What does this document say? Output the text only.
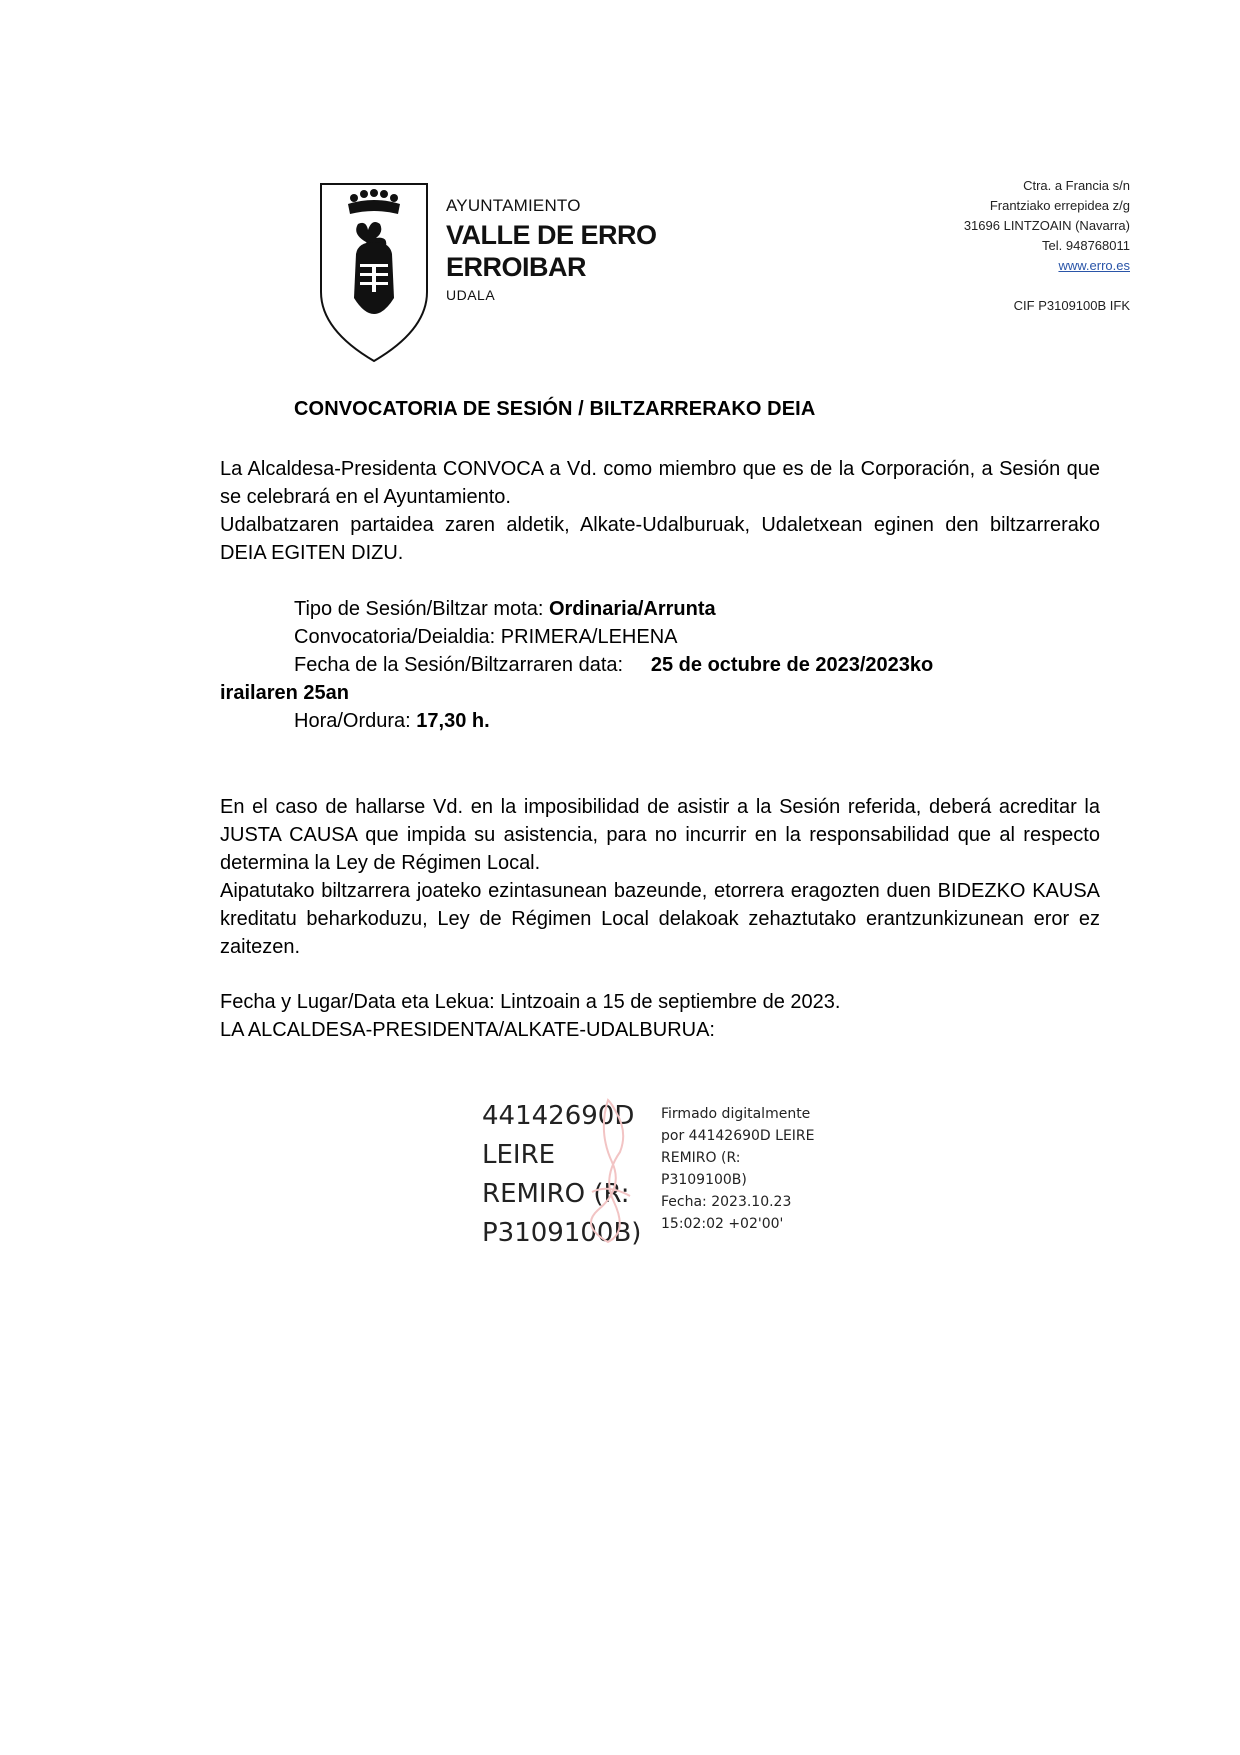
AYUNTAMIENTO
VALLE DE ERRO
ERROIBAR
UDALA
Ctra. a Francia s/n
Frantziako errepidea z/g
31696 LINTZOAIN (Navarra)
Tel. 948768011
www.erro.es
CIF P3109100B IFK
CONVOCATORIA DE SESIÓN / BILTZARRERAKO DEIA

La Alcaldesa-Presidenta CONVOCA a Vd. como miembro que es de la Corporación, a Sesión que se celebrará en el Ayuntamiento.

Udalbatzaren partaidea zaren aldetik, Alkate-Udalburuak, Udaletxean eginen den biltzarrerako DEIA EGITEN DIZU.

Tipo de Sesión/Biltzar mota: Ordinaria/Arrunta

Convocatoria/Deialdia: PRIMERA/LEHENA

Fecha de la Sesión/Biltzarraren data: 25 de octubre de 2023/2023ko

irailaren 25an

Hora/Ordura: 17,30 h.

En el caso de hallarse Vd. en la imposibilidad de asistir a la Sesión referida, deberá acreditar la JUSTA CAUSA que impida su asistencia, para no incurrir en la responsabilidad que al respecto determina la Ley de Régimen Local.

Aipatutako biltzarrera joateko ezintasunean bazeunde, etorrera eragozten duen BIDEZKO KAUSA kreditatu beharkoduzu, Ley de Régimen Local delakoak zehaztutako erantzunkizunean eror ez zaitezen.

Fecha y Lugar/Data eta Lekua: Lintzoain a 15 de septiembre de 2023.

LA ALCALDESA-PRESIDENTA/ALKATE-UDALBURUA:

44142690D
LEIRE
REMIRO (R:
P3109100B)
Firmado digitalmente
por 44142690D LEIRE
REMIRO (R:
P3109100B)
Fecha: 2023.10.23
15:02:02 +02'00'
